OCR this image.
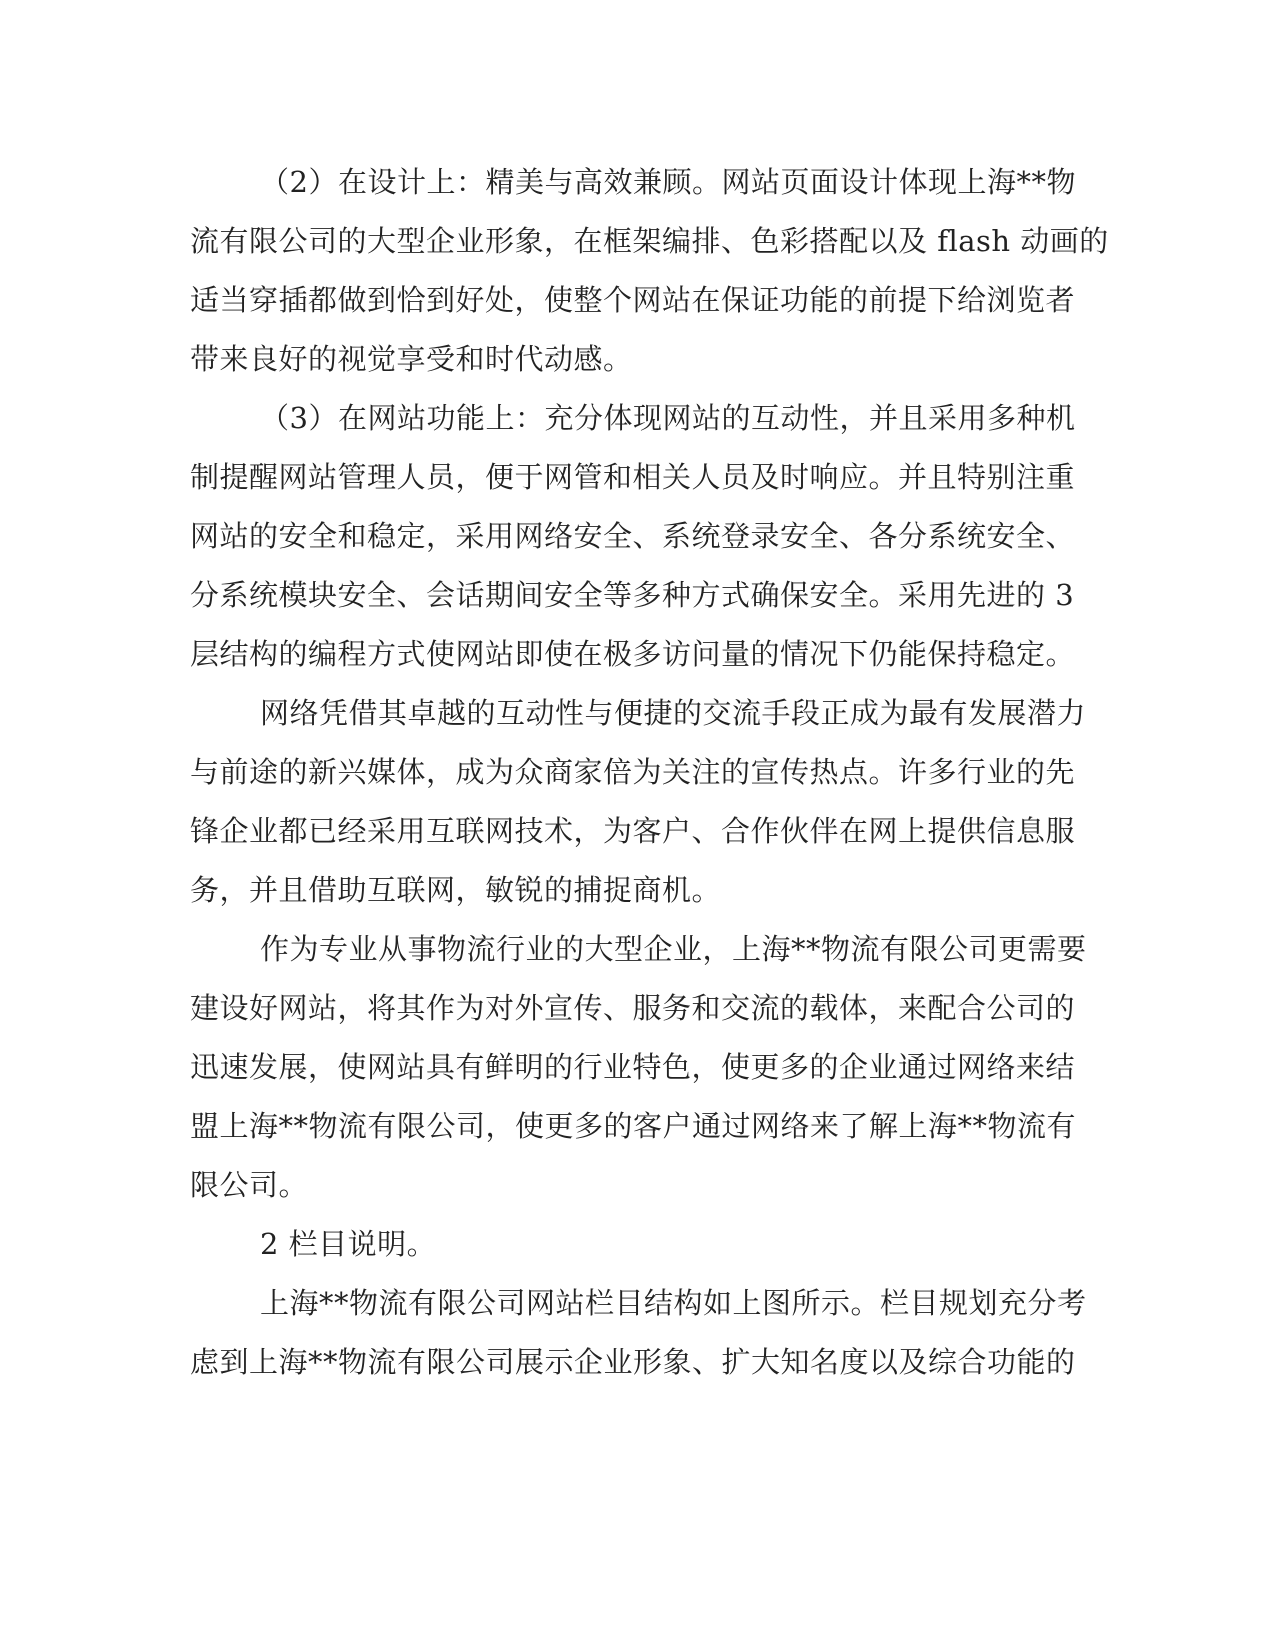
（2）在设计上：精美与高效兼顾。网站页面设计体现上海**物
流有限公司的大型企业形象，在框架编排、色彩搭配以及 flash 动画的
适当穿插都做到恰到好处，使整个网站在保证功能的前提下给浏览者
带来良好的视觉享受和时代动感。
（3）在网站功能上：充分体现网站的互动性，并且采用多种机
制提醒网站管理人员，便于网管和相关人员及时响应。并且特别注重
网站的安全和稳定，采用网络安全、系统登录安全、各分系统安全、
分系统模块安全、会话期间安全等多种方式确保安全。采用先进的 3
层结构的编程方式使网站即使在极多访问量的情况下仍能保持稳定。
网络凭借其卓越的互动性与便捷的交流手段正成为最有发展潜力
与前途的新兴媒体，成为众商家倍为关注的宣传热点。许多行业的先
锋企业都已经采用互联网技术，为客户、合作伙伴在网上提供信息服
务，并且借助互联网，敏锐的捕捉商机。
作为专业从事物流行业的大型企业，上海**物流有限公司更需要
建设好网站，将其作为对外宣传、服务和交流的载体，来配合公司的
迅速发展，使网站具有鲜明的行业特色，使更多的企业通过网络来结
盟上海**物流有限公司，使更多的客户通过网络来了解上海**物流有
限公司。
2 栏目说明。
上海**物流有限公司网站栏目结构如上图所示。栏目规划充分考
虑到上海**物流有限公司展示企业形象、扩大知名度以及综合功能的
